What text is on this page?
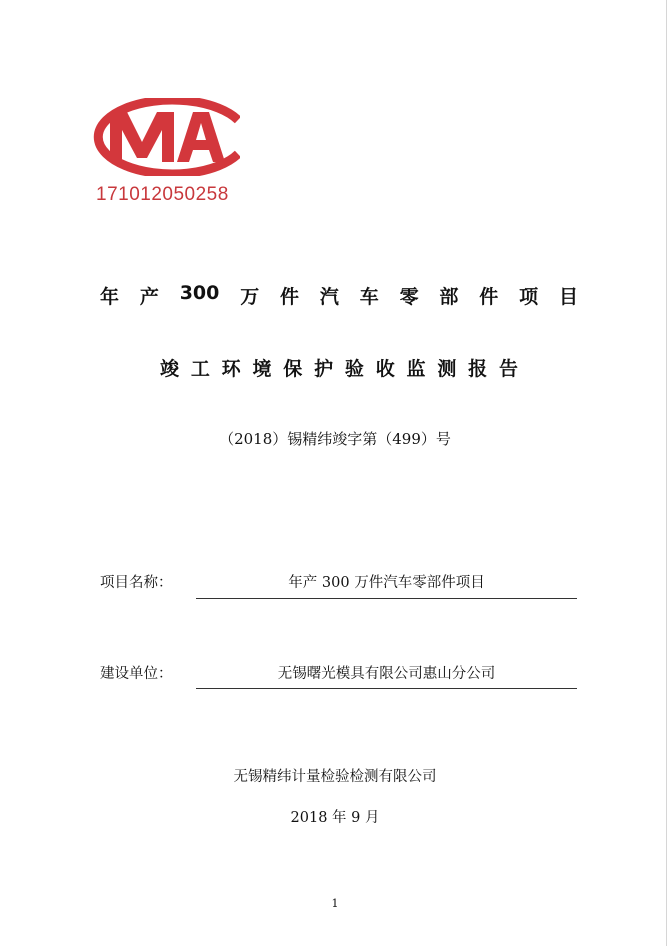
171012050258
年 产 300 万 件 汽 车 零 部 件 项 目
竣 工 环 境 保 护 验 收 监 测 报 告
（2018）锡精纬竣字第（499）号
项目名称：	年产 300 万件汽车零部件项目
建设单位：	无锡曙光模具有限公司惠山分公司
无锡精纬计量检验检测有限公司
2018 年 9 月
1
